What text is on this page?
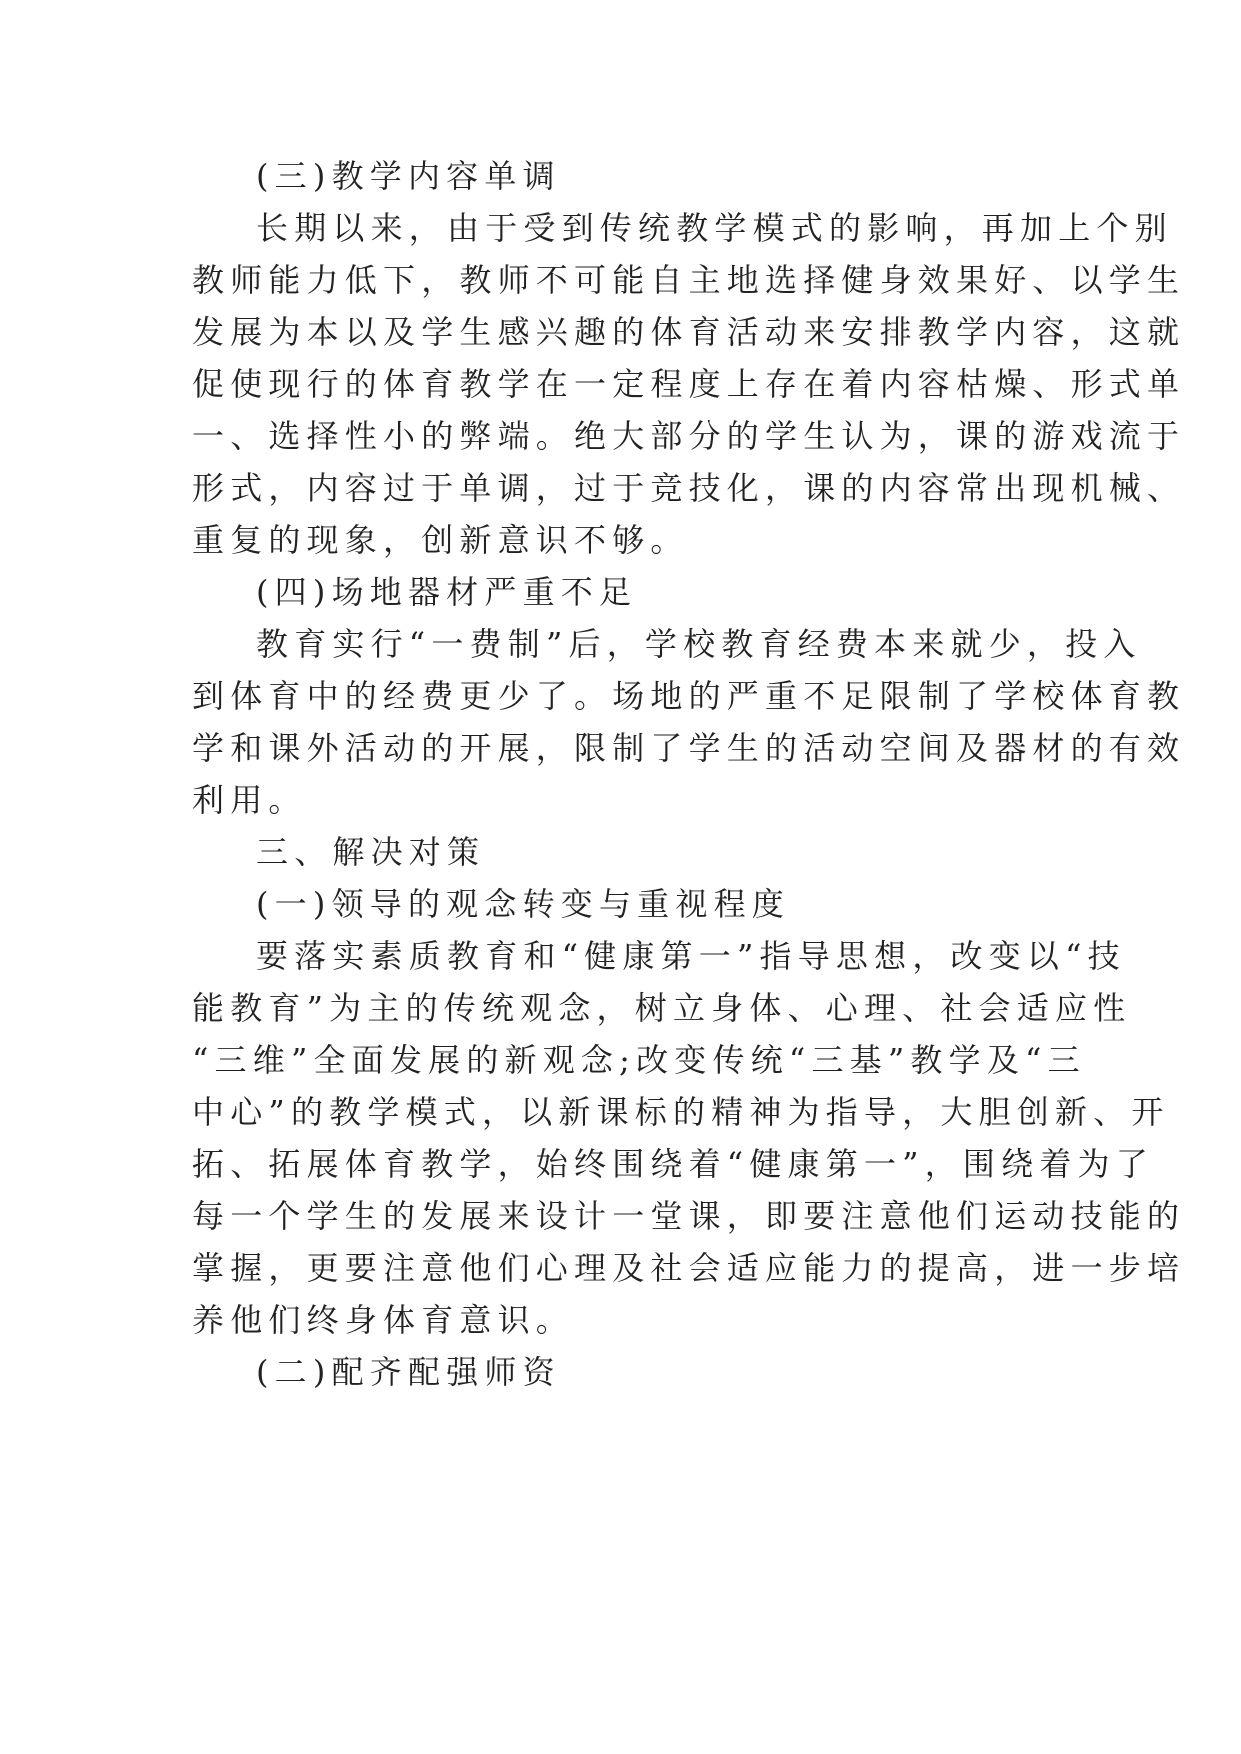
(三)教学内容单调
长期以来，由于受到传统教学模式的影响，再加上个别
教师能力低下，教师不可能自主地选择健身效果好、以学生
发展为本以及学生感兴趣的体育活动来安排教学内容，这就
促使现行的体育教学在一定程度上存在着内容枯燥、形式单
一、选择性小的弊端。绝大部分的学生认为，课的游戏流于
形式，内容过于单调，过于竞技化，课的内容常出现机械、
重复的现象，创新意识不够。
(四)场地器材严重不足
教育实行“一费制”后，学校教育经费本来就少，投入
到体育中的经费更少了。场地的严重不足限制了学校体育教
学和课外活动的开展，限制了学生的活动空间及器材的有效
利用。
三、解决对策
(一)领导的观念转变与重视程度
要落实素质教育和“健康第一”指导思想，改变以“技
能教育”为主的传统观念，树立身体、心理、社会适应性
“三维”全面发展的新观念;改变传统“三基”教学及“三
中心”的教学模式，以新课标的精神为指导，大胆创新、开
拓、拓展体育教学，始终围绕着“健康第一”，围绕着为了
每一个学生的发展来设计一堂课，即要注意他们运动技能的
掌握，更要注意他们心理及社会适应能力的提高，进一步培
养他们终身体育意识。
(二)配齐配强师资
